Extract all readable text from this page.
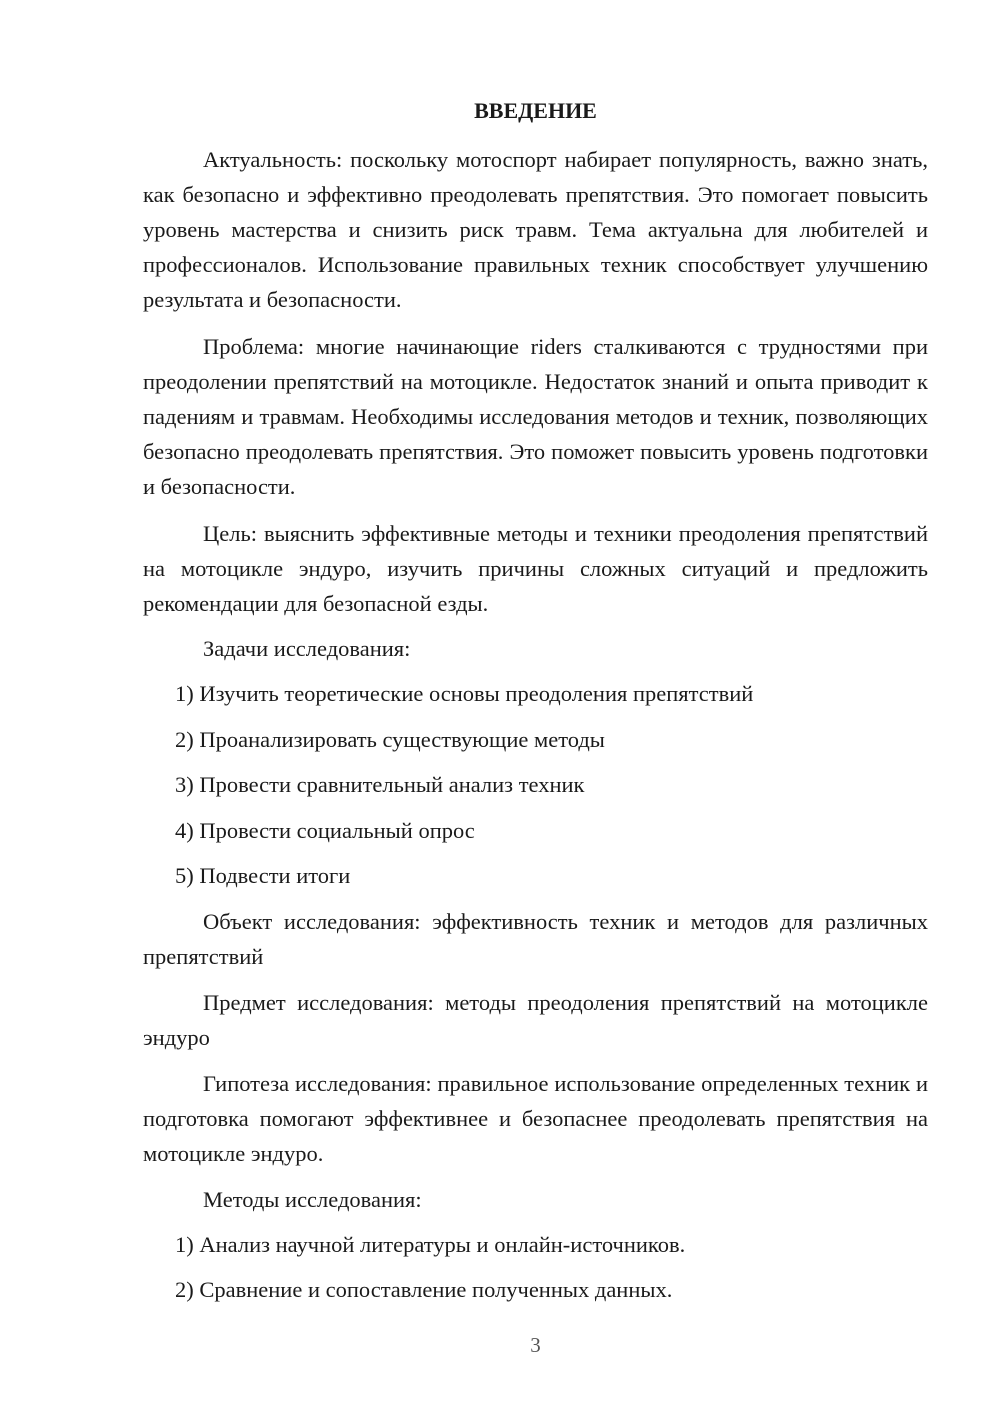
ВВЕДЕНИЕ

Актуальность: поскольку мотоспорт набирает популярность, важно знать, как безопасно и эффективно преодолевать препятствия. Это помогает повысить уровень мастерства и снизить риск травм. Тема актуальна для любителей и профессионалов. Использование правильных техник способствует улучшению результата и безопасности.

Проблема: многие начинающие riders сталкиваются с трудностями при преодолении препятствий на мотоцикле. Недостаток знаний и опыта приводит к падениям и травмам. Необходимы исследования методов и техник, позволяющих безопасно преодолевать препятствия. Это поможет повысить уровень подготовки и безопасности.

Цель: выяснить эффективные методы и техники преодоления препятствий на мотоцикле эндуро, изучить причины сложных ситуаций и предложить рекомендации для безопасной езды.

Задачи исследования:

1) Изучить теоретические основы преодоления препятствий

2) Проанализировать существующие методы

3) Провести сравнительный анализ техник

4) Провести социальный опрос

5) Подвести итоги

Объект исследования: эффективность техник и методов для различных препятствий

Предмет исследования: методы преодоления препятствий на мотоцикле эндуро

Гипотеза исследования: правильное использование определенных техник и подготовка помогают эффективнее и безопаснее преодолевать препятствия на мотоцикле эндуро.

Методы исследования:

1) Анализ научной литературы и онлайн-источников.

2) Сравнение и сопоставление полученных данных.

3
